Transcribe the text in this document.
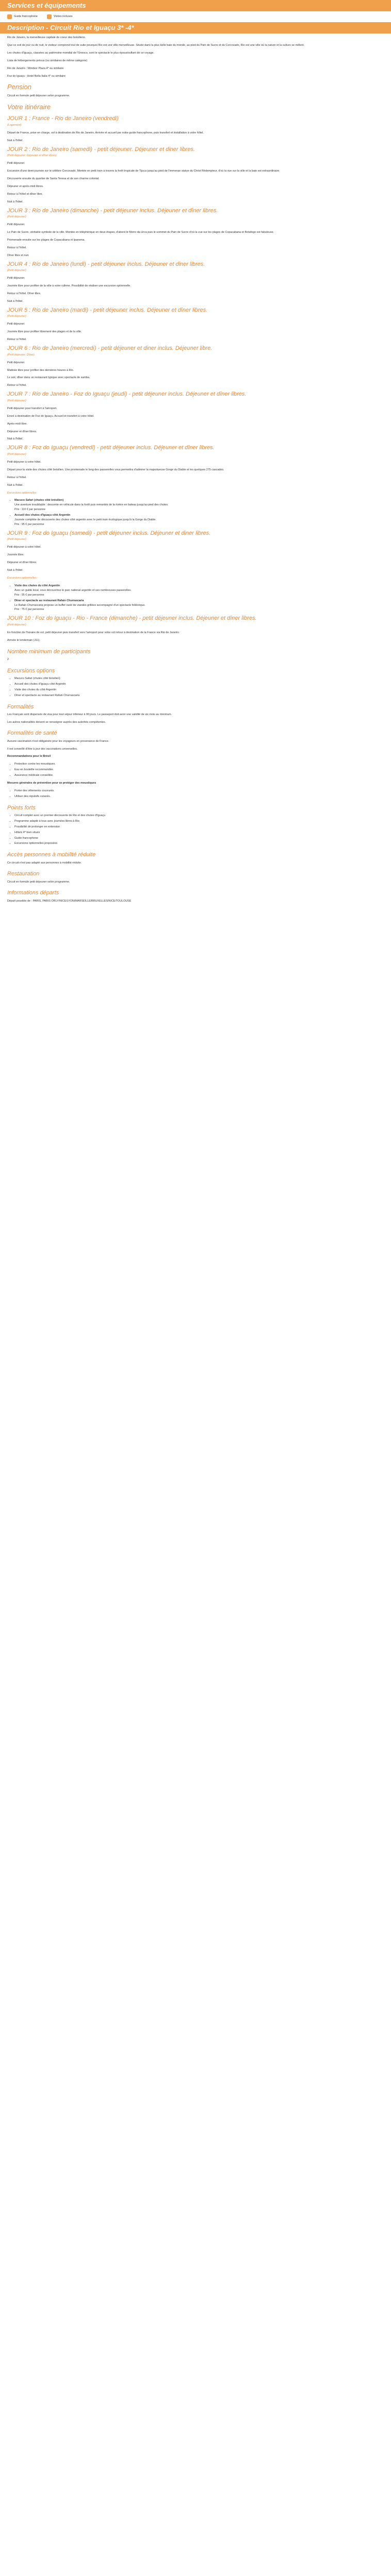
Services et équipements
Guide francophone	Visites incluses
Description - Circuit Rio et Iguaçu 3* -4*

Rio de Janeiro, la merveilleuse capitale de coeur des brésiliens.

Que ce soit de jour ou de nuit, le visiteur comprend tout de suite pourquoi Rio est une ville merveilleuse. Située dans la plus belle baie du monde, au pied du Pain de Sucre et du Corcovado, Rio est une ville où la nature et la culture se mêlent.

Les chutes d'Iguaçu, classées au patrimoine mondial de l'Unesco, sont le spectacle le plus époustouflant de ce voyage.

Lista de hébergements prévus (ou similaires de même catégorie)

Rio de Janeiro : Windsor Plaza 4* ou similaire

Foz do Iguaçu : Hotel Bella Italia 4* ou similaire

Pension

Circuit en formule petit déjeuner selon programme.

Votre itinéraire
JOUR 1 : France - Rio de Janeiro (vendredi)

(Logement)

Départ de France, prise en charge, vol à destination de Rio de Janeiro. Arrivée et accueil par notre guide francophone, puis transfert et installation à votre hôtel.

Nuit à l'hôtel.

JOUR 2 : Rio de Janeiro (samedi) - petit déjeuner. Déjeuner et diner libres.

(Petit déjeuner. Déjeuner et dîner libres)

Petit déjeuner.

Excursion d'une demi-journée sur le célèbre Corcovado. Montée en petit train à travers la forêt tropicale de Tijuca jusqu'au pied de l'immense statue du Christ Rédempteur, d'où la vue sur la ville et la baie est extraordinaire.

Découverte ensuite du quartier de Santa Teresa et de son charme colonial.

Déjeuner et après-midi libres.

Retour à l'hôtel et dîner libre.

Nuit à l'hôtel.

JOUR 3 : Rio de Janeiro (dimanche) - petit déjeuner inclus. Déjeuner et dîner libres.

(Petit déjeuner)

Petit déjeuner.

Le Pain de Sucre, véritable symbole de la ville. Montée en téléphérique en deux étapes, d'abord le Morro da Urca puis le sommet du Pain de Sucre d'où la vue sur les plages de Copacabana et Botafogo est fabuleuse.

Promenade ensuite sur les plages de Copacabana et Ipanema.

Retour à l'hôtel.

Dîner libre et nuit.

JOUR 4 : Rio de Janeiro (lundi) - petit déjeuner inclus. Déjeuner et diner libres.

(Petit déjeuner)

Petit déjeuner.

Journée libre pour profiter de la ville à votre rythme. Possibilité de réaliser une excursion optionnelle.

Retour à l'hôtel. Dîner libre.

Nuit à l'hôtel.

JOUR 5 : Rio de Janeiro (mardi) - petit déjeuner inclus. Déjeuner et dîner libres.

(Petit déjeuner)

Petit déjeuner.

Journée libre pour profiter librement des plages et de la ville.

Retour à l'hôtel.

JOUR 6 : Rio de Janeiro (mercredi) - petit déjeuner et diner inclus. Déjeuner libre.

(Petit déjeuner. Dîner)

Petit déjeuner.

Matinée libre pour profiter des dernières heures à Rio.

Le soir, dîner dans un restaurant typique avec spectacle de samba.

Retour à l'hôtel.

JOUR 7 : Rio de Janeiro - Foz do Iguaçu (jeudi) - petit déjeuner inclus. Déjeuner et dîner libres.

(Petit déjeuner)

Petit déjeuner pour transfert à l'aéroport.

Envol à destination de Foz do Iguaçu. Accueil et transfert à votre hôtel.

Après-midi libre.

Déjeuner et dîner libres.

Nuit à l'hôtel.

JOUR 8 : Foz do Iguaçu (vendredi) - petit déjeuner inclus. Déjeuner et dîner libres.

(Petit déjeuner)

Petit déjeuner à votre hôtel.

Départ pour la visite des chutes côté brésilien. Une promenade le long des passerelles vous permettra d'admirer la majestueuse Gorge du Diable et les quelques 275 cascades.

Retour à l'hôtel.

Nuit à l'hôtel.

Excursions optionnelles :
• Macuco Safari (chutes côté brésilien)
Une aventure inoubliable : descente en véhicule dans la forêt puis remontée de la rivière en bateau jusqu'au pied des chutes.
Prix : 110 € par personne
• Accueil des chutes d'Iguaçu côté Argentin
Journée complète de découverte des chutes côté argentin avec le petit train écologique jusqu'à la Gorge du Diable.
Prix : 95 € par personne
JOUR 9 : Foz do Iguaçu (samedi) - petit déjeuner inclus. Déjeuner et diner libres.

(Petit déjeuner)

Petit déjeuner à votre hôtel.

Journée libre.

Déjeuner et dîner libres.

Nuit à l'hôtel.

Excursions optionnelles :
• Visite des chutes du côté Argentin
Avec un guide local, vous découvrirez le parc national argentin et ses nombreuses passerelles.
Prix : 95 € par personne
• Dîner et spectacle au restaurant Rafain Churrascaria
Le Rafain Churrascaria propose un buffet varié de viandes grillées accompagné d'un spectacle folklorique.
Prix : 75 € par personne
JOUR 10 : Foz do Iguaçu - Rio - France (dimanche) - petit déjeuner inclus. Déjeuner et dîner libres.

(Petit déjeuner)

En fonction de l'horaire de vol, petit déjeuner puis transfert vers l'aéroport pour votre vol retour à destination de la France via Rio de Janeiro.

Arrivée le lendemain (J11).

Nombre minimum de participants

2

Excursions options
• Macuco Safari (chutes côté brésilien)
• Accueil des chutes d'Iguaçu côté Argentin
• Visite des chutes du côté Argentin
• Dîner et spectacle au restaurant Rafain Churrascaria
Formalités

Les Français sont dispensés de visa pour tout séjour inférieur à 90 jours. Le passeport doit avoir une validité de six mois au minimum.

Les autres nationalités doivent se renseigner auprès des autorités compétentes.

Formalités de santé

Aucune vaccination n'est obligatoire pour les voyageurs en provenance de France.

Il est conseillé d'être à jour des vaccinations universelles.

Recommandations pour le Brésil

• Protection contre les moustiques.
• Eau en bouteille recommandée.
• Assurance médicale conseillée.

Mesures générales de prévention pour se protéger des moustiques

• Porter des vêtements couvrants.
• Utiliser des répulsifs cutanés.
Points forts
• Circuit complet avec un premier découverte de Rio et des chutes d'Iguaçu
• Programme adapté à tous avec journées libres à Rio
• Possibilité de prolonger en extension
• Hôtels 4* bien situés
• Guide francophone
• Excursions optionnelles proposées
Accès personnes à mobilité réduite

Ce circuit n'est pas adapté aux personnes à mobilité réduite.

Restauration

Circuit en formule petit déjeuner selon programme.

Informations départs

Départ possible de : PARIS, PARIS ORLY/NICE/LYON/MARSEILLE/BRUXELLES/NICE/TOULOUSE
